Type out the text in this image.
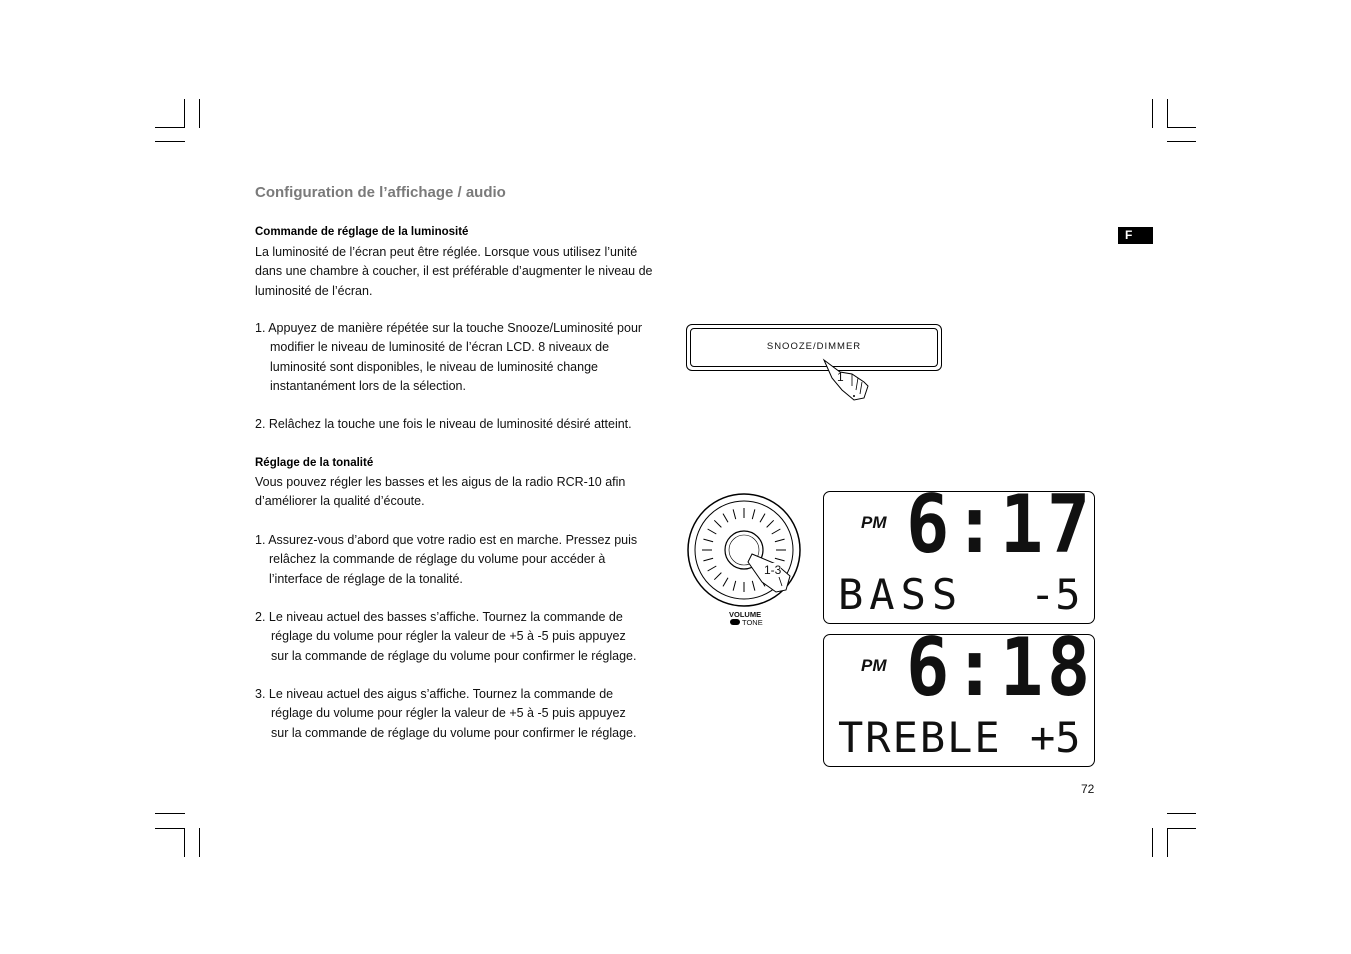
Configuration de l’affichage / audio
Commande de réglage de la luminosité
La luminosité de l’écran peut être réglée. Lorsque vous utilisez l’unité
dans une chambre à coucher, il est préférable d’augmenter le niveau de
luminosité de l’écran.
1. Appuyez de manière répétée sur la touche Snooze/Luminosité pour
modifier le niveau de luminosité de l’écran LCD. 8 niveaux de
luminosité sont disponibles, le niveau de luminosité change
instantanément lors de la sélection.
2. Relâchez la touche une fois le niveau de luminosité désiré atteint.
Réglage de la tonalité
Vous pouvez régler les basses et les aigus de la radio RCR-10 afin
d’améliorer la qualité d’écoute.
1. Assurez-vous d’abord que votre radio est en marche. Pressez puis
relâchez la commande de réglage du volume pour accéder à
l’interface de réglage de la tonalité.
2. Le niveau actuel des basses s’affiche. Tournez la commande de
réglage du volume pour régler la valeur de +5 à -5 puis appuyez
sur la commande de réglage du volume pour confirmer le réglage.
3. Le niveau actuel des aigus s’affiche. Tournez la commande de
réglage du volume pour régler la valeur de +5 à -5 puis appuyez
sur la commande de réglage du volume pour confirmer le réglage.
F
72
SNOOZE/DIMMER
1
1-3
VOLUME
TONE
PM 6:17
BASS -5
PM 6:18
TREBLE +5
